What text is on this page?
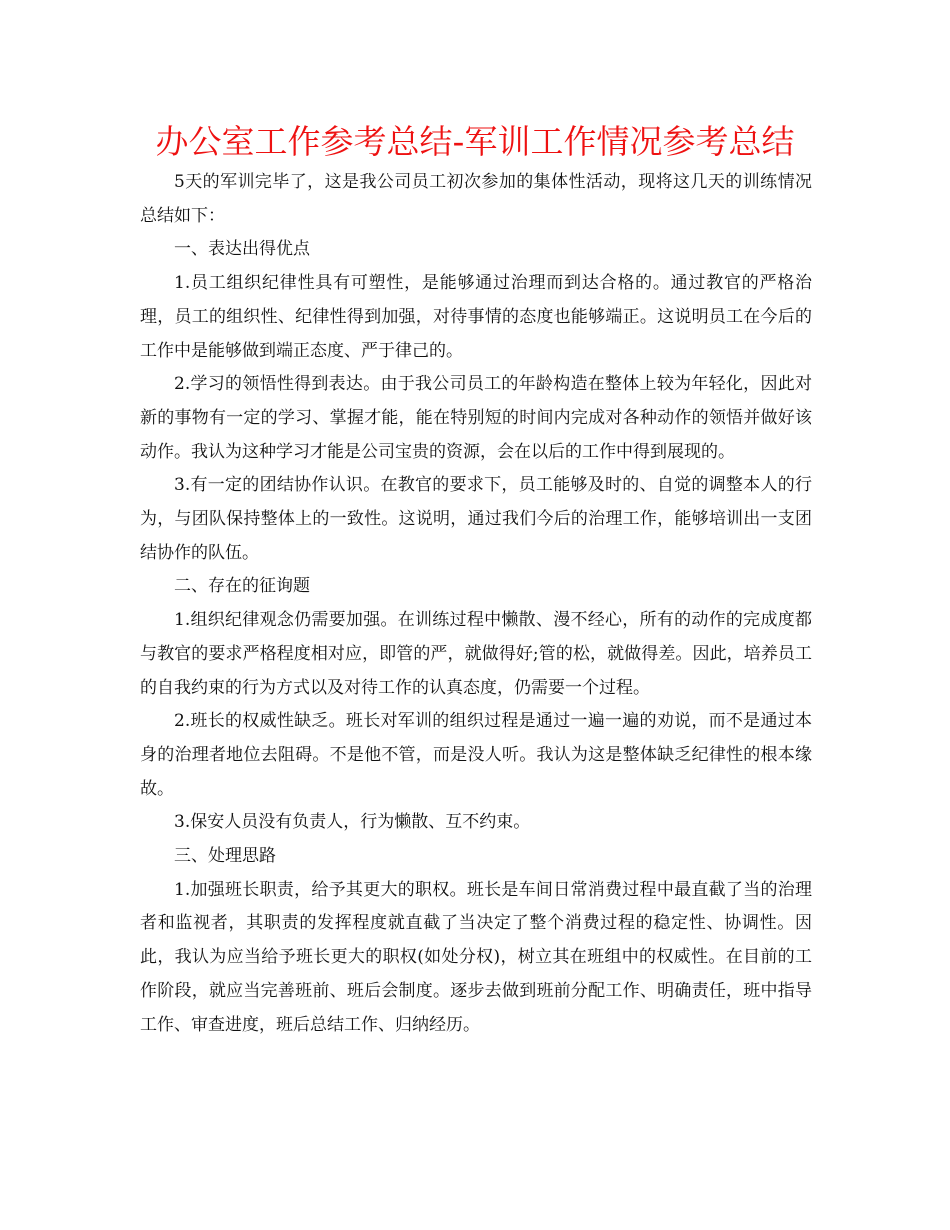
办公室工作参考总结-军训工作情况参考总结

5天的军训完毕了，这是我公司员工初次参加的集体性活动，现将这几天的训练情况总结如下：

一、表达出得优点

1.员工组织纪律性具有可塑性，是能够通过治理而到达合格的。通过教官的严格治理，员工的组织性、纪律性得到加强，对待事情的态度也能够端正。这说明员工在今后的工作中是能够做到端正态度、严于律己的。

2.学习的领悟性得到表达。由于我公司员工的年龄构造在整体上较为年轻化，因此对新的事物有一定的学习、掌握才能，能在特别短的时间内完成对各种动作的领悟并做好该动作。我认为这种学习才能是公司宝贵的资源，会在以后的工作中得到展现的。

3.有一定的团结协作认识。在教官的要求下，员工能够及时的、自觉的调整本人的行为，与团队保持整体上的一致性。这说明，通过我们今后的治理工作，能够培训出一支团结协作的队伍。

二、存在的征询题

1.组织纪律观念仍需要加强。在训练过程中懒散、漫不经心，所有的动作的完成度都与教官的要求严格程度相对应，即管的严，就做得好;管的松，就做得差。因此，培养员工的自我约束的行为方式以及对待工作的认真态度，仍需要一个过程。

2.班长的权威性缺乏。班长对军训的组织过程是通过一遍一遍的劝说，而不是通过本身的治理者地位去阻碍。不是他不管，而是没人听。我认为这是整体缺乏纪律性的根本缘故。

3.保安人员没有负责人，行为懒散、互不约束。

三、处理思路

1.加强班长职责，给予其更大的职权。班长是车间日常消费过程中最直截了当的治理者和监视者，其职责的发挥程度就直截了当决定了整个消费过程的稳定性、协调性。因此，我认为应当给予班长更大的职权(如处分权)，树立其在班组中的权威性。在目前的工作阶段，就应当完善班前、班后会制度。逐步去做到班前分配工作、明确责任，班中指导工作、审查进度，班后总结工作、归纳经历。
